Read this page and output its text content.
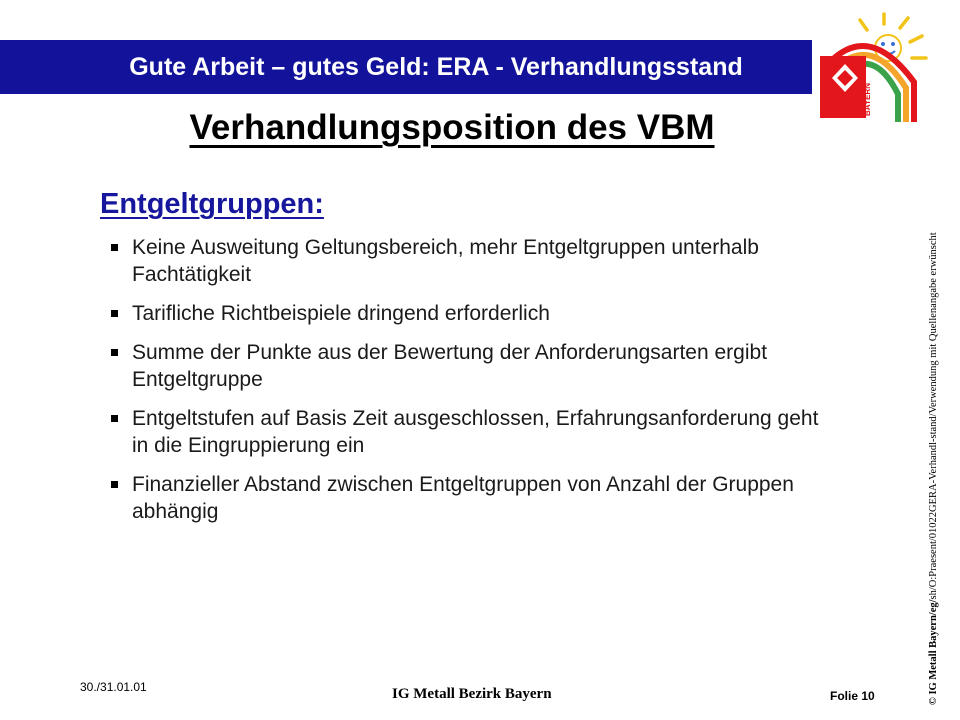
Gute Arbeit – gutes Geld: ERA - Verhandlungsstand
BAYERN
Verhandlungsposition des VBM
Entgeltgruppen:
Keine Ausweitung Geltungsbereich, mehr Entgeltgruppen unterhalb Fachtätigkeit
Tarifliche Richtbeispiele dringend erforderlich
Summe der Punkte aus der Bewertung der Anforderungsarten ergibt Entgeltgruppe
Entgeltstufen auf Basis Zeit ausgeschlossen, Erfahrungsanforderung geht in die Eingruppierung ein
Finanzieller Abstand zwischen Entgeltgruppen von Anzahl der Gruppen abhängig
© IG Metall Bayern/eg/sh/O:Praesent/01022GERA-Verhandl-stand/Verwendung mit Quellenangabe erwünscht
30./31.01.01	IG Metall Bezirk Bayern	Folie 10
